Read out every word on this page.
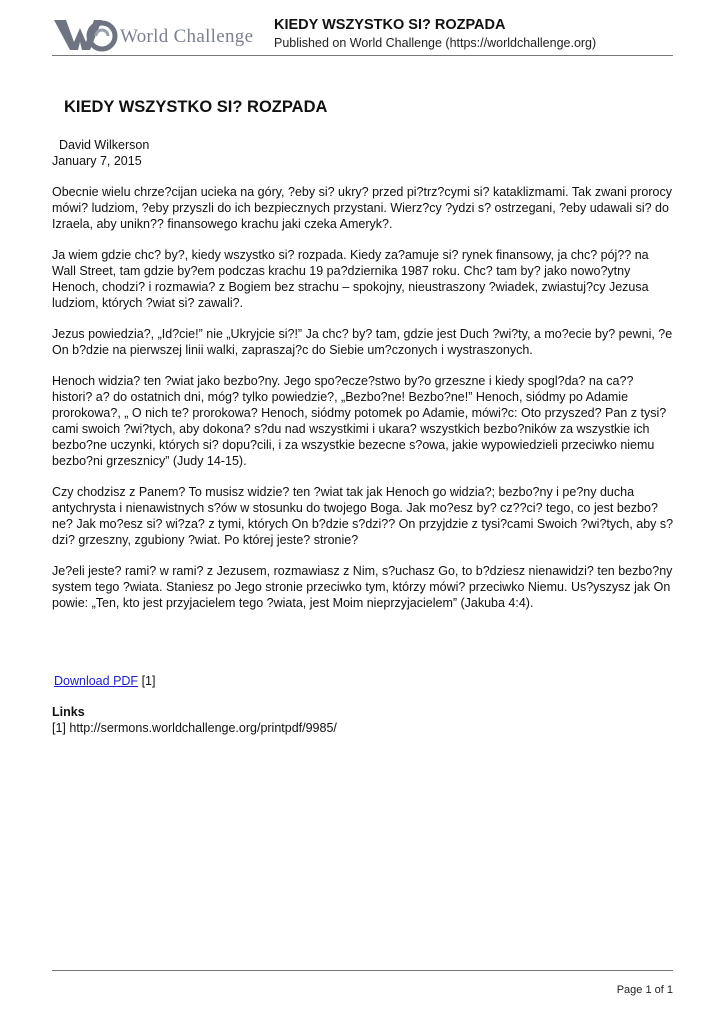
World Challenge
KIEDY WSZYSTKO SI? ROZPADA
Published on World Challenge (https://worldchallenge.org)
KIEDY WSZYSTKO SI? ROZPADA
David Wilkerson
January 7, 2015

Obecnie wielu chrze?cijan ucieka na góry, ?eby si? ukry? przed pi?trz?cymi si? kataklizmami. Tak zwani prorocy mówi? ludziom, ?eby przyszli do ich bezpiecznych przystani. Wierz?cy ?ydzi s? ostrzegani, ?eby udawali si? do Izraela, aby unikn?? finansowego krachu jaki czeka Ameryk?.

Ja wiem gdzie chc? by?, kiedy wszystko si? rozpada. Kiedy za?amuje si? rynek finansowy, ja chc? pój?? na Wall Street, tam gdzie by?em podczas krachu 19 pa?dziernika 1987 roku. Chc? tam by? jako nowo?ytny Henoch, chodzi? i rozmawia? z Bogiem bez strachu – spokojny, nieustraszony ?wiadek, zwiastuj?cy Jezusa ludziom, których ?wiat si? zawali?.

Jezus powiedzia?, „Id?cie!” nie „Ukryjcie si?!” Ja chc? by? tam, gdzie jest Duch ?wi?ty, a mo?ecie by? pewni, ?e On b?dzie na pierwszej linii walki, zapraszaj?c do Siebie um?czonych i wystraszonych.

Henoch widzia? ten ?wiat jako bezbo?ny. Jego spo?ecze?stwo by?o grzeszne i kiedy spogl?da? na ca?? histori? a? do ostatnich dni, móg? tylko powiedzie?, „Bezbo?ne! Bezbo?ne!” Henoch, siódmy po Adamie prorokowa?, „ O nich te? prorokowa? Henoch, siódmy potomek po Adamie, mówi?c: Oto przyszed? Pan z tysi?cami swoich ?wi?tych, aby dokona? s?du nad wszystkimi i ukara? wszystkich bezbo?ników za wszystkie ich bezbo?ne uczynki, których si? dopu?cili, i za wszystkie bezecne s?owa, jakie wypowiedzieli przeciwko niemu bezbo?ni grzesznicy” (Judy 14-15).

Czy chodzisz z Panem? To musisz widzie? ten ?wiat tak jak Henoch go widzia?; bezbo?ny i pe?ny ducha antychrysta i nienawistnych s?ów w stosunku do twojego Boga. Jak mo?esz by? cz??ci? tego, co jest bezbo?ne? Jak mo?esz si? wi?za? z tymi, których On b?dzie s?dzi?? On przyjdzie z tysi?cami Swoich ?wi?tych, aby s?dzi? grzeszny, zgubiony ?wiat. Po której jeste? stronie?

Je?eli jeste? rami? w rami? z Jezusem, rozmawiasz z Nim, s?uchasz Go, to b?dziesz nienawidzi? ten bezbo?ny system tego ?wiata. Staniesz po Jego stronie przeciwko tym, którzy mówi? przeciwko Niemu. Us?yszysz jak On powie: „Ten, kto jest przyjacielem tego ?wiata, jest Moim nieprzyjacielem” (Jakuba 4:4).

Download PDF [1]
Links
[1] http://sermons.worldchallenge.org/printpdf/9985/
Page 1 of 1
